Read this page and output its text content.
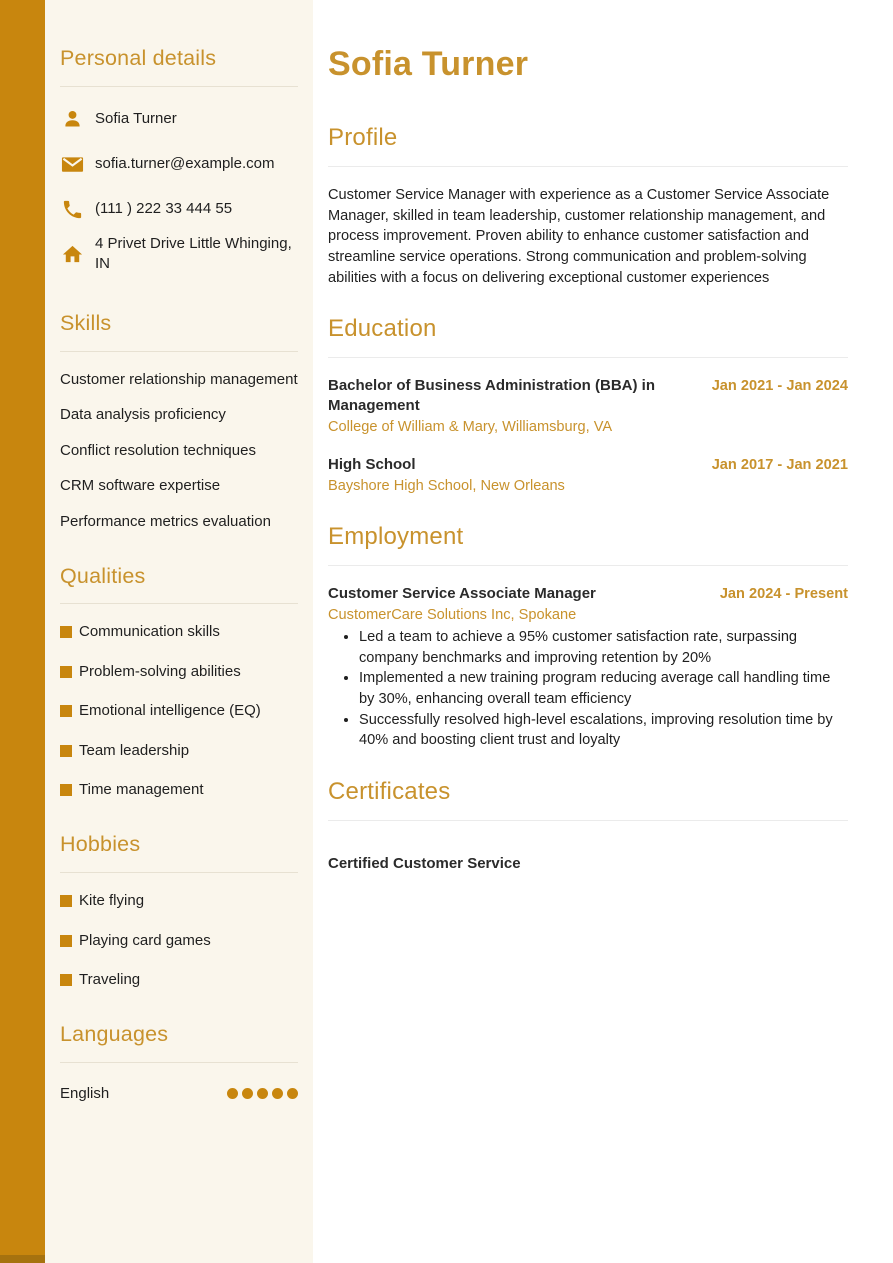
Personal details
Sofia Turner
sofia.turner@example.com
(111 ) 222 33 444 55
4 Privet Drive Little Whinging, IN
Skills
Customer relationship management
Data analysis proficiency
Conflict resolution techniques
CRM software expertise
Performance metrics evaluation
Qualities
Communication skills
Problem-solving abilities
Emotional intelligence (EQ)
Team leadership
Time management
Hobbies
Kite flying
Playing card games
Traveling
Languages
English
Sofia Turner
Profile

Customer Service Manager with experience as a Customer Service Associate Manager, skilled in team leadership, customer relationship management, and process improvement. Proven ability to enhance customer satisfaction and streamline service operations. Strong communication and problem-solving abilities with a focus on delivering exceptional customer experiences

Education
Bachelor of Business Administration (BBA) in Management
Jan 2021 - Jan 2024
College of William & Mary, Williamsburg, VA
High School	Jan 2017 - Jan 2021
Bayshore High School, New Orleans
Employment
Customer Service Associate Manager	Jan 2024 - Present
CustomerCare Solutions Inc, Spokane
• Led a team to achieve a 95% customer satisfaction rate, surpassing company benchmarks and improving retention by 20%
• Implemented a new training program reducing average call handling time by 30%, enhancing overall team efficiency
• Successfully resolved high-level escalations, improving resolution time by 40% and boosting client trust and loyalty
Certificates
Certified Customer Service
